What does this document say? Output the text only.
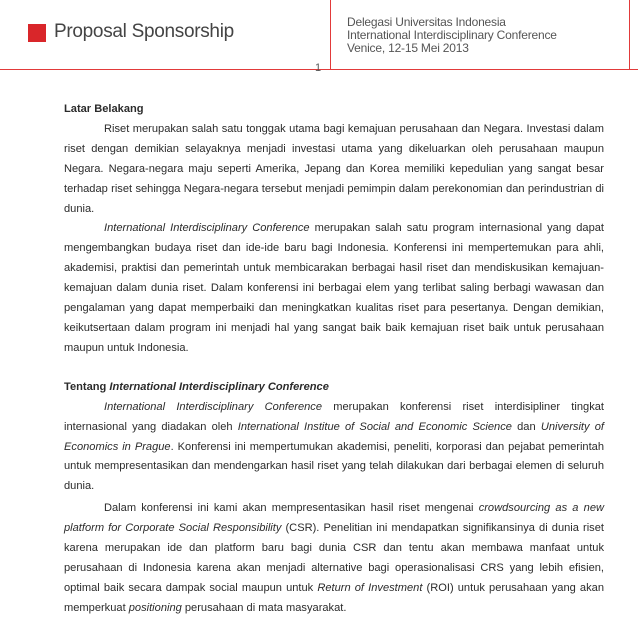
Proposal Sponsorship	Delegasi Universitas Indonesia
International Interdisciplinary Conference
Venice, 12-15 Mei 2013
1

Latar Belakang

Riset merupakan salah satu tonggak utama bagi kemajuan perusahaan dan Negara. Investasi dalam riset dengan demikian selayaknya menjadi investasi utama yang dikeluarkan oleh perusahaan maupun Negara. Negara-negara maju seperti Amerika, Jepang dan Korea memiliki kepedulian yang sangat besar terhadap riset sehingga Negara-negara tersebut menjadi pemimpin dalam perekonomian dan perindustrian di dunia.

International Interdisciplinary Conference merupakan salah satu program internasional yang dapat mengembangkan budaya riset dan ide-ide baru bagi Indonesia. Konferensi ini mempertemukan para ahli, akademisi, praktisi dan pemerintah untuk membicarakan berbagai hasil riset dan mendiskusikan kemajuan-kemajuan dalam dunia riset. Dalam konferensi ini berbagai elem yang terlibat saling berbagi wawasan dan pengalaman yang dapat memperbaiki dan meningkatkan kualitas riset para pesertanya. Dengan demikian, keikutsertaan dalam program ini menjadi hal yang sangat baik baik kemajuan riset baik untuk perusahaan maupun untuk Indonesia.

Tentang International Interdisciplinary Conference

International Interdisciplinary Conference merupakan konferensi riset interdisipliner tingkat internasional yang diadakan oleh International Institue of Social and Economic Science dan University of Economics in Prague. Konferensi ini mempertumukan akademisi, peneliti, korporasi dan pejabat pemerintah untuk mempresentasikan dan mendengarkan hasil riset yang telah dilakukan dari berbagai elemen di seluruh dunia.

Dalam konferensi ini kami akan mempresentasikan hasil riset mengenai crowdsourcing as a new platform for Corporate Social Responsibility (CSR). Penelitian ini mendapatkan signifikansinya di dunia riset karena merupakan ide dan platform baru bagi dunia CSR dan tentu akan membawa manfaat untuk perusahaan di Indonesia karena akan menjadi alternative bagi operasionalisasi CRS yang lebih efisien, optimal baik secara dampak social maupun untuk Return of Investment (ROI) untuk perusahaan yang akan memperkuat positioning perusahaan di mata masyarakat.
